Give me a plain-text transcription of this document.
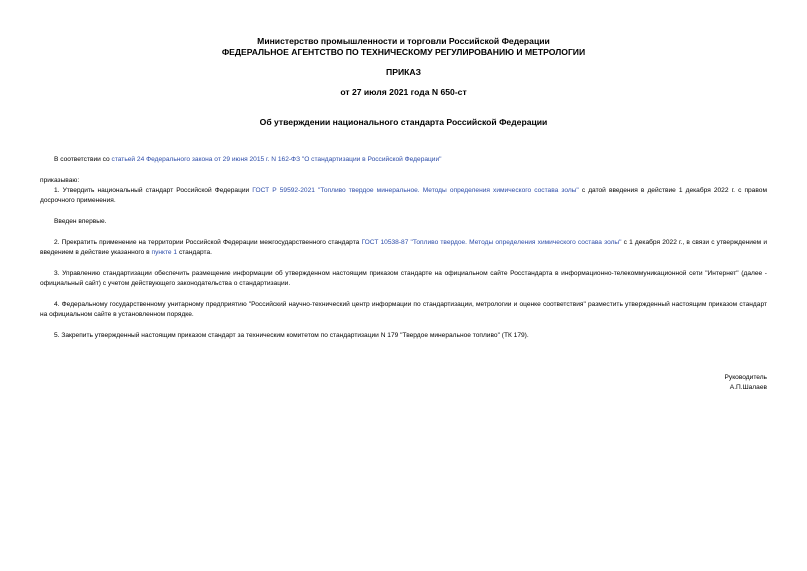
Министерство промышленности и торговли Российской Федерации
ФЕДЕРАЛЬНОЕ АГЕНТСТВО ПО ТЕХНИЧЕСКОМУ РЕГУЛИРОВАНИЮ И МЕТРОЛОГИИ
ПРИКАЗ
от 27 июля 2021 года N 650-ст
Об утверждении национального стандарта Российской Федерации
В соответствии со статьей 24 Федерального закона от 29 июня 2015 г. N 162-ФЗ "О стандартизации в Российской Федерации"
приказываю:
1. Утвердить национальный стандарт Российской Федерации ГОСТ Р 59592-2021 "Топливо твердое минеральное. Методы определения химического состава золы" с датой введения в действие 1 декабря 2022 г. с правом досрочного применения.
Введен впервые.
2. Прекратить применение на территории Российской Федерации межгосударственного стандарта ГОСТ 10538-87 "Топливо твердое. Методы определения химического состава золы" с 1 декабря 2022 г., в связи с утверждением и введением в действие указанного в пункте 1 стандарта.
3. Управлению стандартизации обеспечить размещение информации об утвержденном настоящим приказом стандарте на официальном сайте Росстандарта в информационно-телекоммуникационной сети "Интернет" (далее - официальный сайт) с учетом действующего законодательства о стандартизации.
4. Федеральному государственному унитарному предприятию "Российский научно-технический центр информации по стандартизации, метрологии и оценке соответствия" разместить утвержденный настоящим приказом стандарт на официальном сайте в установленном порядке.
5. Закрепить утвержденный настоящим приказом стандарт за техническим комитетом по стандартизации N 179 "Твердое минеральное топливо" (ТК 179).
Руководитель
А.П.Шалаев
